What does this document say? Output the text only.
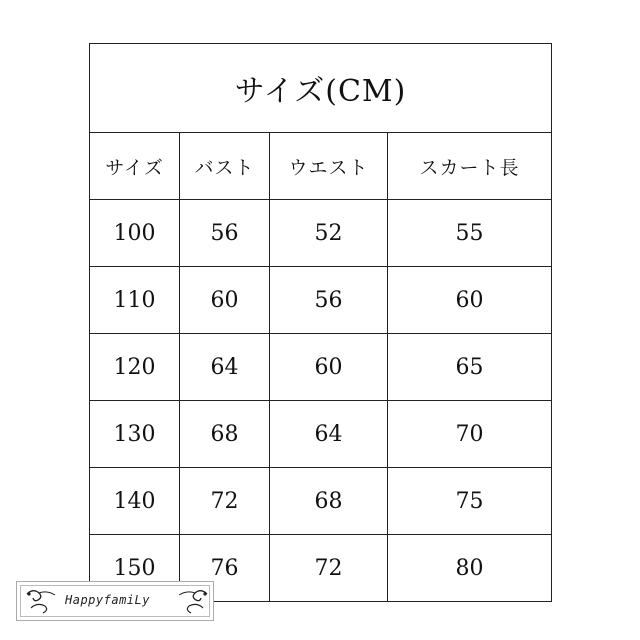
サイズ(CM)			
サイズ	バスト	ウエスト	スカート長
100	56	52	55
110	60	56	60
120	64	60	65
130	68	64	70
140	72	68	75
150	76	72	80
HappyfamiLy
